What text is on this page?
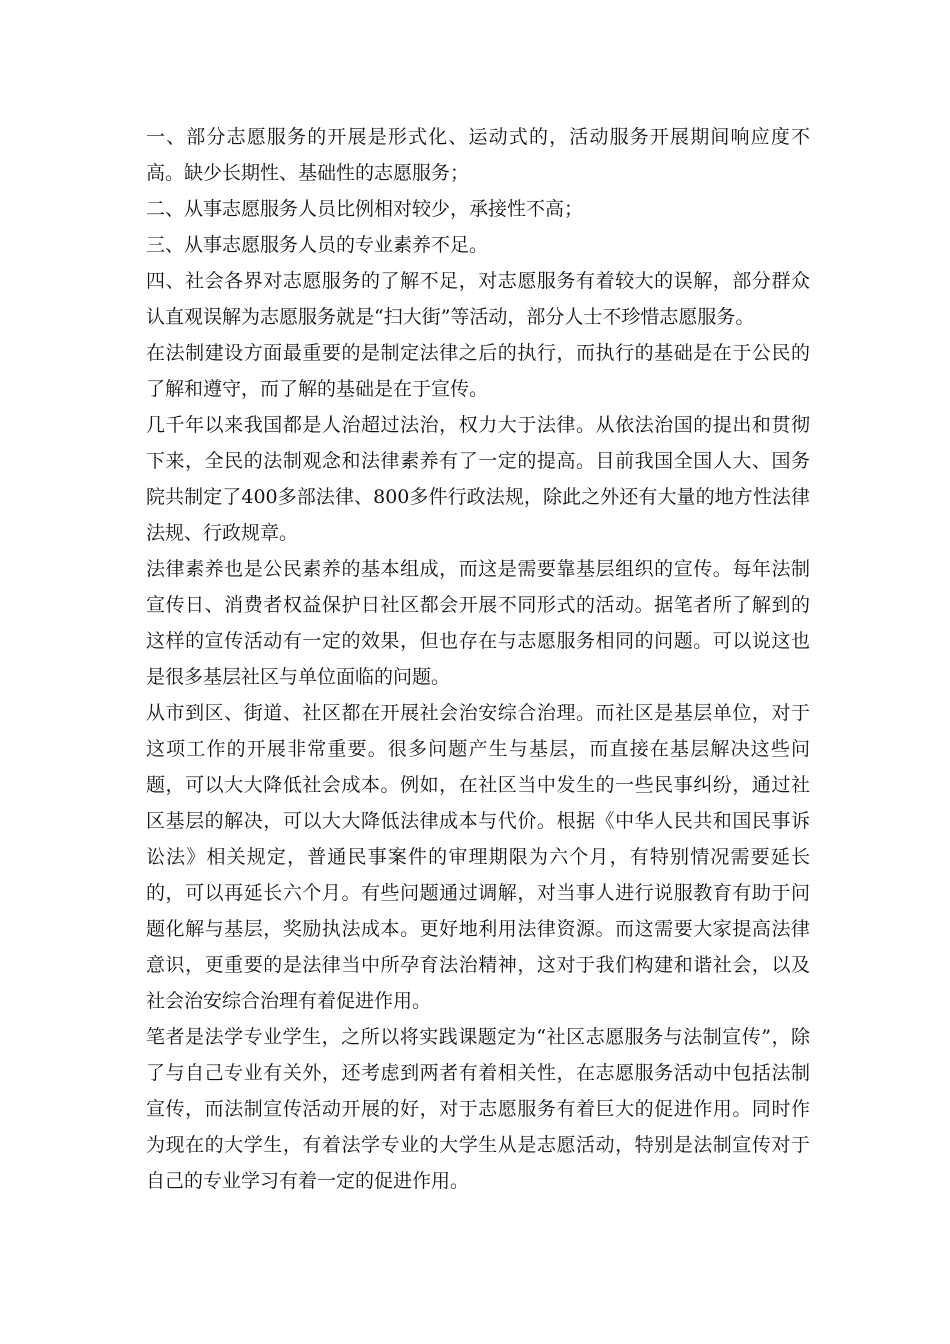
一、部分志愿服务的开展是形式化、运动式的，活动服务开展期间响应度不高。缺少长期性、基础性的志愿服务；

二、从事志愿服务人员比例相对较少，承接性不高；

三、从事志愿服务人员的专业素养不足。

四、社会各界对志愿服务的了解不足，对志愿服务有着较大的误解，部分群众认直观误解为志愿服务就是“扫大街”等活动，部分人士不珍惜志愿服务。

在法制建设方面最重要的是制定法律之后的执行，而执行的基础是在于公民的了解和遵守，而了解的基础是在于宣传。

几千年以来我国都是人治超过法治，权力大于法律。从依法治国的提出和贯彻下来，全民的法制观念和法律素养有了一定的提高。目前我国全国人大、国务院共制定了400多部法律、800多件行政法规，除此之外还有大量的地方性法律法规、行政规章。

法律素养也是公民素养的基本组成，而这是需要靠基层组织的宣传。每年法制宣传日、消费者权益保护日社区都会开展不同形式的活动。据笔者所了解到的这样的宣传活动有一定的效果，但也存在与志愿服务相同的问题。可以说这也是很多基层社区与单位面临的问题。

从市到区、街道、社区都在开展社会治安综合治理。而社区是基层单位，对于这项工作的开展非常重要。很多问题产生与基层，而直接在基层解决这些问题，可以大大降低社会成本。例如，在社区当中发生的一些民事纠纷，通过社区基层的解决，可以大大降低法律成本与代价。根据《中华人民共和国民事诉讼法》相关规定，普通民事案件的审理期限为六个月，有特别情况需要延长的，可以再延长六个月。有些问题通过调解，对当事人进行说服教育有助于问题化解与基层，奖励执法成本。更好地利用法律资源。而这需要大家提高法律意识，更重要的是法律当中所孕育法治精神，这对于我们构建和谐社会，以及社会治安综合治理有着促进作用。

笔者是法学专业学生，之所以将实践课题定为“社区志愿服务与法制宣传”，除了与自己专业有关外，还考虑到两者有着相关性，在志愿服务活动中包括法制宣传，而法制宣传活动开展的好，对于志愿服务有着巨大的促进作用。同时作为现在的大学生，有着法学专业的大学生从是志愿活动，特别是法制宣传对于自己的专业学习有着一定的促进作用。
